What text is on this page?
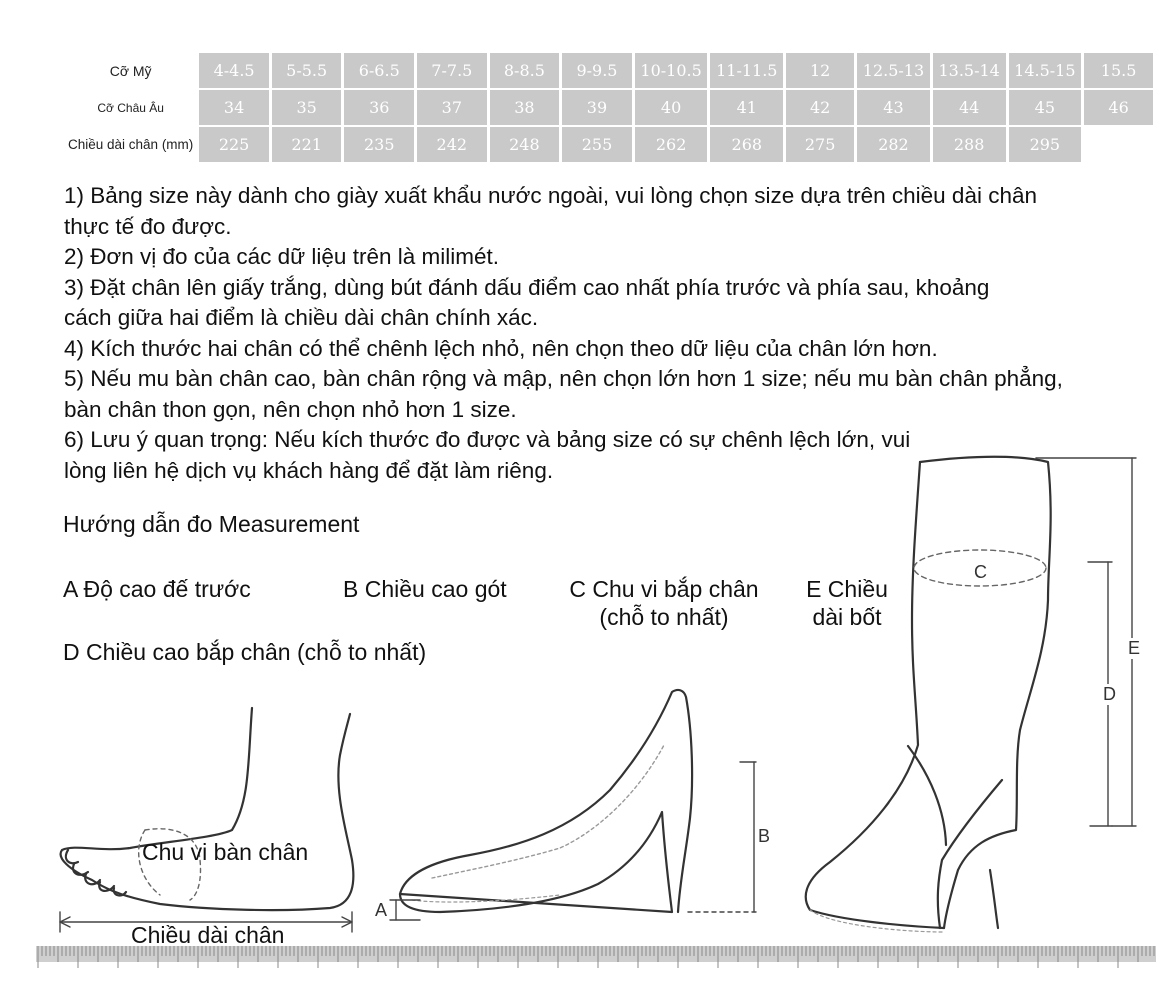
Cỡ Mỹ	4-4.5	5-5.5	6-6.5	7-7.5	8-8.5	9-9.5	10-10.5	11-11.5	12	12.5-13	13.5-14	14.5-15	15.5
Cỡ Châu Âu	34	35	36	37	38	39	40	41	42	43	44	45	46
Chiều dài chân (mm)	225	221	235	242	248	255	262	268	275	282	288	295	

1) Bảng size này dành cho giày xuất khẩu nước ngoài, vui lòng chọn size dựa trên chiều dài chân thực tế đo được.

2) Đơn vị đo của các dữ liệu trên là milimét.

3) Đặt chân lên giấy trắng, dùng bút đánh dấu điểm cao nhất phía trước và phía sau, khoảng cách giữa hai điểm là chiều dài chân chính xác.

4) Kích thước hai chân có thể chênh lệch nhỏ, nên chọn theo dữ liệu của chân lớn hơn.

5) Nếu mu bàn chân cao, bàn chân rộng và mập, nên chọn lớn hơn 1 size; nếu mu bàn chân phẳng, bàn chân thon gọn, nên chọn nhỏ hơn 1 size.

6) Lưu ý quan trọng: Nếu kích thước đo được và bảng size có sự chênh lệch lớn, vui lòng liên hệ dịch vụ khách hàng để đặt làm riêng.

Hướng dẫn đo Measurement
A Độ cao đế trước	B Chiều cao gót	C Chu vi bắp chân
(chỗ to nhất)
E Chiều
dài bốt
D Chiều cao bắp chân (chỗ to nhất)
Chu vi bàn chân
Chiều dài chân
A
B
C
D
E
